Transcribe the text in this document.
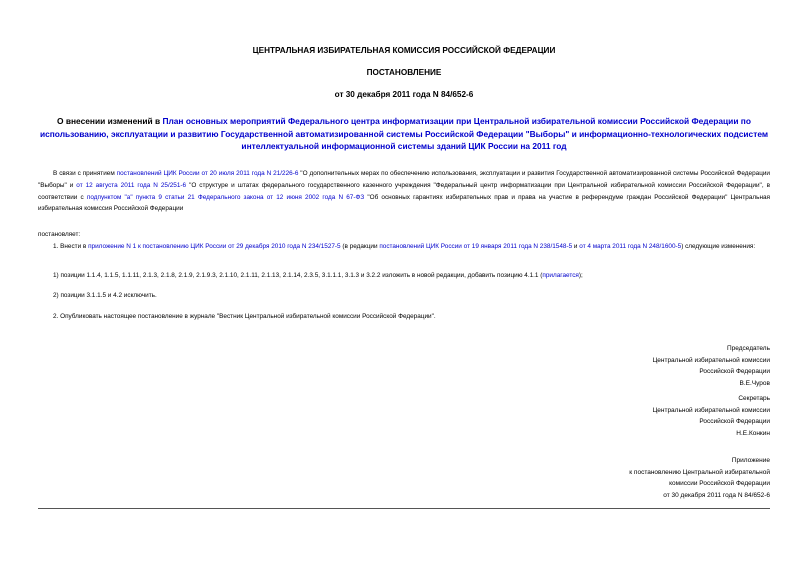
ЦЕНТРАЛЬНАЯ ИЗБИРАТЕЛЬНАЯ КОМИССИЯ РОССИЙСКОЙ ФЕДЕРАЦИИ
ПОСТАНОВЛЕНИЕ
от 30 декабря 2011 года N 84/652-6
О внесении изменений в План основных мероприятий Федерального центра информатизации при Центральной избирательной комиссии Российской Федерации по использованию, эксплуатации и развитию Государственной автоматизированной системы Российской Федерации "Выборы" и информационно-технологических подсистем интеллектуальной информационной системы зданий ЦИК России на 2011 год
В связи с принятием постановлений ЦИК России от 20 июля 2011 года N 21/226-6 "О дополнительных мерах по обеспечению использования, эксплуатации и развития Государственной автоматизированной системы Российской Федерации "Выборы" и от 12 августа 2011 года N 25/251-6 "О структуре и штатах федерального государственного казенного учреждения "Федеральный центр информатизации при Центральной избирательной комиссии Российской Федерации", в соответствии с подпунктом "а" пункта 9 статьи 21 Федерального закона от 12 июня 2002 года N 67-ФЗ "Об основных гарантиях избирательных прав и права на участие в референдуме граждан Российской Федерации" Центральная избирательная комиссия Российской Федерации
постановляет:
1. Внести в приложение N 1 к постановлению ЦИК России от 29 декабря 2010 года N 234/1527-5 (в редакции постановлений ЦИК России от 19 января 2011 года N 238/1548-5 и от 4 марта 2011 года N 248/1600-5) следующие изменения:
1) позиции 1.1.4, 1.1.5, 1.1.11, 2.1.3, 2.1.8, 2.1.9, 2.1.9.3, 2.1.10, 2.1.11, 2.1.13, 2.1.14, 2.3.5, 3.1.1.1, 3.1.3 и 3.2.2 изложить в новой редакции, добавить позицию 4.1.1 (прилагается);
2) позиции 3.1.1.5 и 4.2 исключить.
2. Опубликовать настоящее постановление в журнале "Вестник Центральной избирательной комиссии Российской Федерации".

Председатель

Центральной избирательной комиссии

Российской Федерации

В.Е.Чуров

Секретарь

Центральной избирательной комиссии

Российской Федерации

Н.Е.Конкин

Приложение

к постановлению Центральной избирательной

комиссии Российской Федерации

от 30 декабря 2011 года N 84/652-6
